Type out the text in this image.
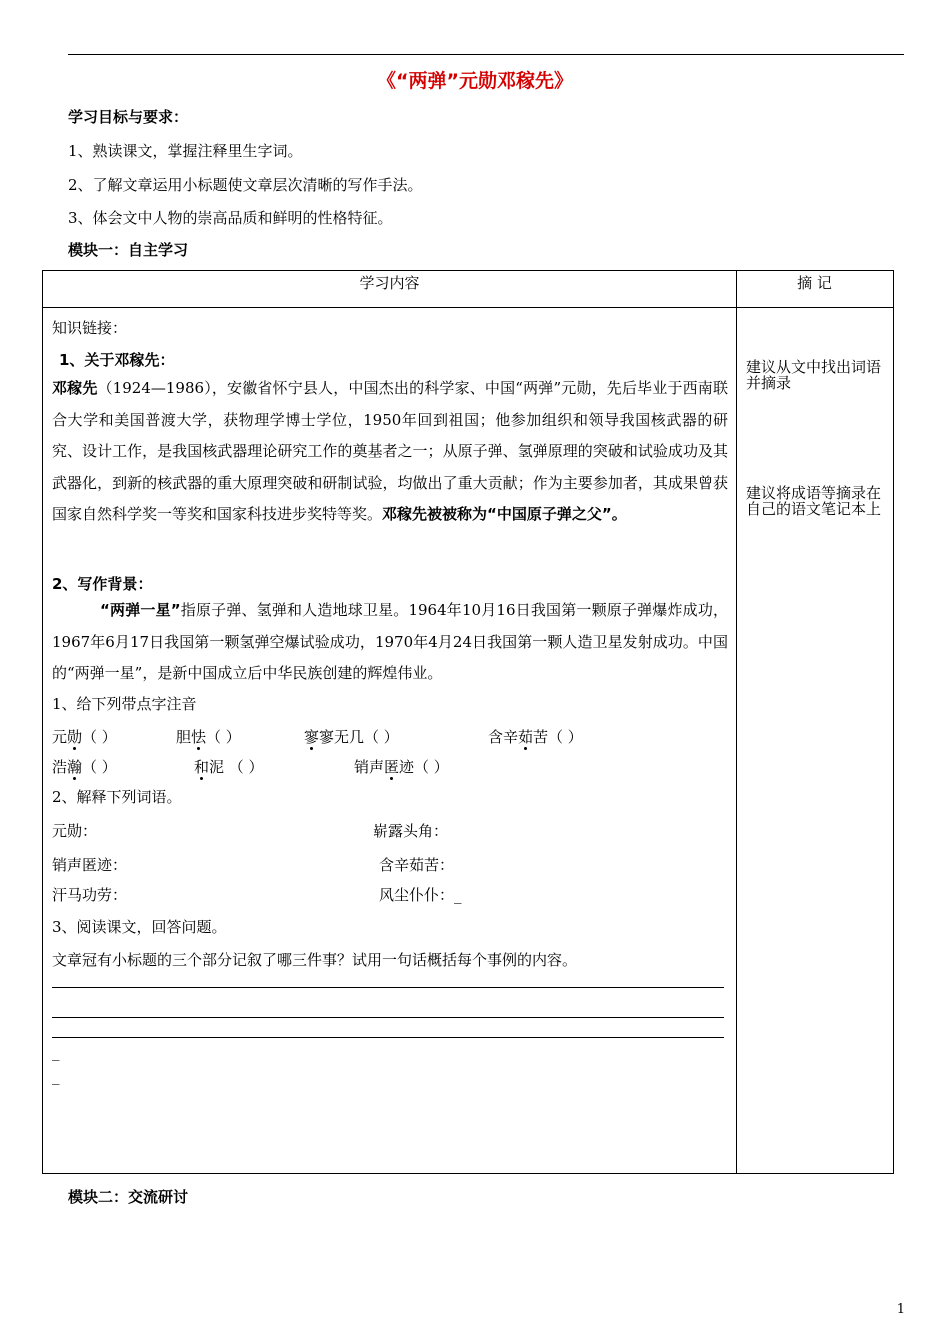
《“两弹”元勋邓稼先》
学习目标与要求：
1、熟读课文，掌握注释里生字词。
2、了解文章运用小标题使文章层次清晰的写作手法。
3、体会文中人物的崇高品质和鲜明的性格特征。
模块一：自主学习
学习内容	摘 记
知识链接：
1、关于邓稼先：
邓稼先（1924—1986），安徽省怀宁县人，中国杰出的科学家、中国“两弹”元勋，先后毕业于西南联合大学和美国普渡大学，获物理学博士学位，1950年回到祖国；他参加组织和领导我国核武器的研究、设计工作，是我国核武器理论研究工作的奠基者之一；从原子弹、氢弹原理的突破和试验成功及其武器化，到新的核武器的重大原理突破和研制试验，均做出了重大贡献；作为主要参加者，其成果曾获国家自然科学奖一等奖和国家科技进步奖特等奖。邓稼先被被称为“中国原子弹之父”。
2、写作背景：
“两弹一星”指原子弹、氢弹和人造地球卫星。1964年10月16日我国第一颗原子弹爆炸成功，1967年6月17日我国第一颗氢弹空爆试验成功，1970年4月24日我国第一颗人造卫星发射成功。中国的“两弹一星”，是新中国成立后中华民族创建的辉煌伟业。
1、给下列带点字注音
元勋（ ）	胆怯（ ）	寥寥无几（ ）	含辛茹苦（ ）
浩瀚（ ）	和泥 （ ）	销声匿迹（ ）
2、解释下列词语。
元勋：	崭露头角：
销声匿迹：	含辛茹苦：
汗马功劳：	风尘仆仆：_
3、阅读课文，回答问题。
文章冠有小标题的三个部分记叙了哪三件事？试用一句话概括每个事例的内容。
_
_
建议从文中找出词语并摘录
建议将成语等摘录在自己的语文笔记本上
模块二：交流研讨
1
